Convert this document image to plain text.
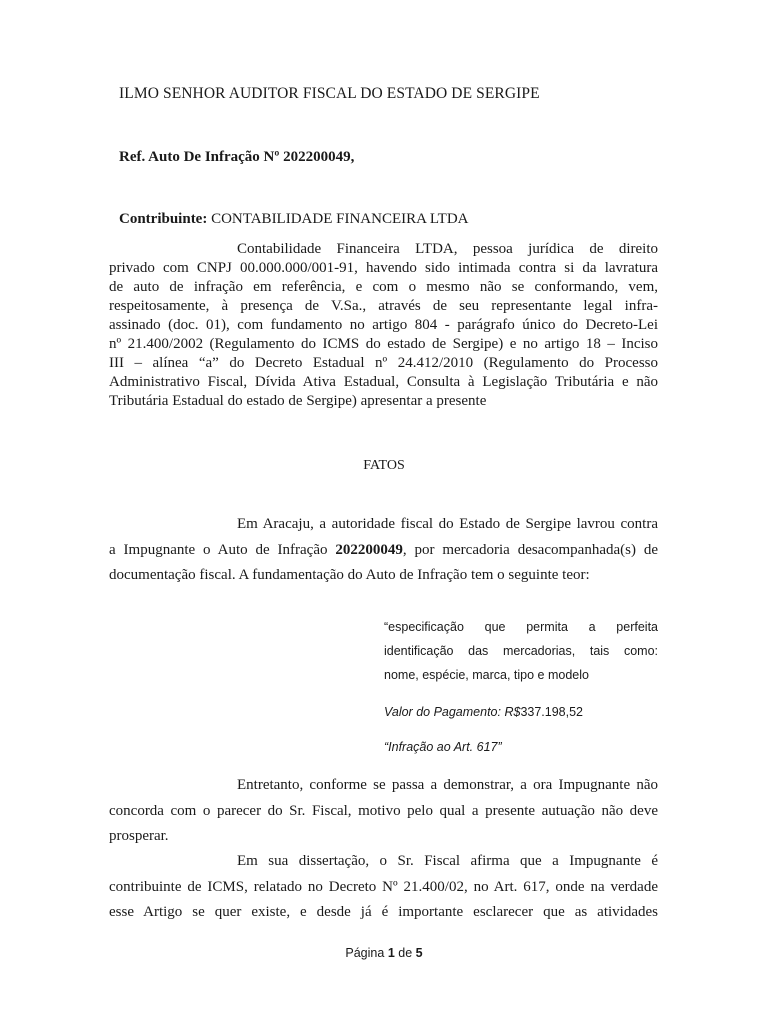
ILMO SENHOR AUDITOR FISCAL DO ESTADO DE SERGIPE
Ref. Auto De Infração Nº 202200049,
Contribuinte: CONTABILIDADE FINANCEIRA LTDA
Contabilidade Financeira LTDA, pessoa jurídica de direito
privado com CNPJ 00.000.000/001-91, havendo sido intimada contra si da lavratura
de auto de infração em referência, e com o mesmo não se conformando, vem,
respeitosamente, à presença de V.Sa., através de seu representante legal infra-
assinado (doc. 01), com fundamento no artigo 804 - parágrafo único do Decreto-Lei
nº 21.400/2002 (Regulamento do ICMS do estado de Sergipe) e no artigo 18 – Inciso
III – alínea “a” do Decreto Estadual nº 24.412/2010 (Regulamento do Processo
Administrativo Fiscal, Dívida Ativa Estadual, Consulta à Legislação Tributária e não
Tributária Estadual do estado de Sergipe) apresentar a presente
FATOS
Em Aracaju, a autoridade fiscal do Estado de Sergipe lavrou contra
a Impugnante o Auto de Infração 202200049, por mercadoria desacompanhada(s) de
documentação fiscal. A fundamentação do Auto de Infração tem o seguinte teor:
“especificação que permita a perfeita
identificação das mercadorias, tais como:
nome, espécie, marca, tipo e modelo
Valor do Pagamento: R$337.198,52
“Infração ao Art. 617”
Entretanto, conforme se passa a demonstrar, a ora Impugnante não
concorda com o parecer do Sr. Fiscal, motivo pelo qual a presente autuação não deve
prosperar.
Em sua dissertação, o Sr. Fiscal afirma que a Impugnante é
contribuinte de ICMS, relatado no Decreto Nº 21.400/02, no Art. 617, onde na verdade
esse Artigo se quer existe, e desde já é importante esclarecer que as atividades
Página 1 de 5
